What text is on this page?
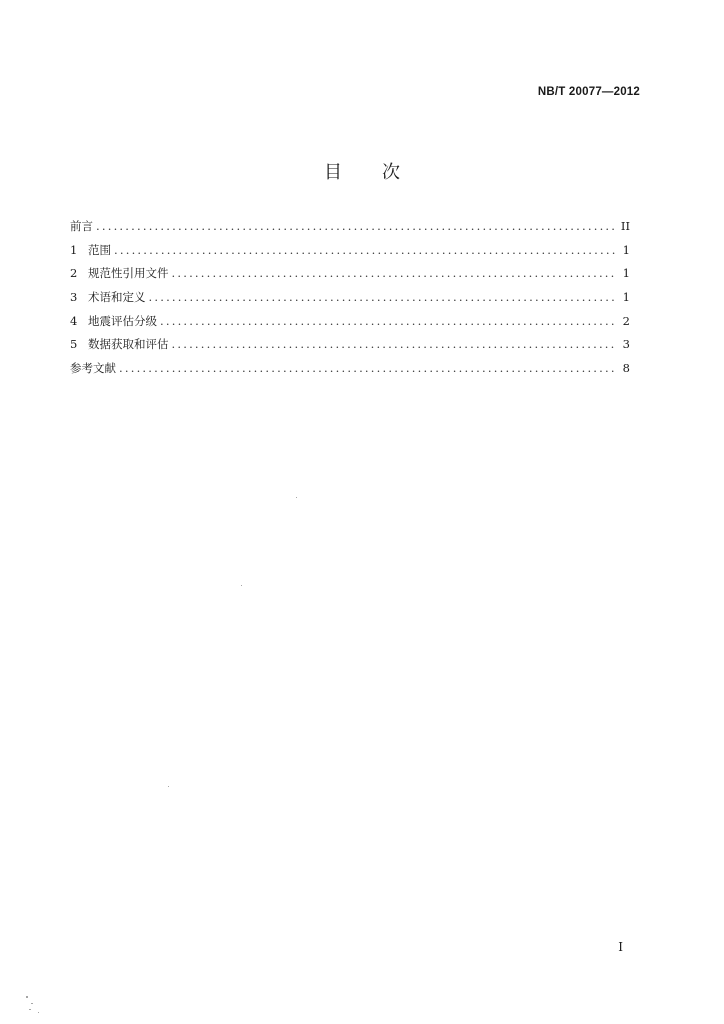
NB/T 20077—2012
目 次
前言 .....	II
1 范围 .....	1
2 规范性引用文件 .....	1
3 术语和定义 .....	1
4 地震评估分级 .....	2
5 数据获取和评估 .....	3
参考文献 .....	8
I
